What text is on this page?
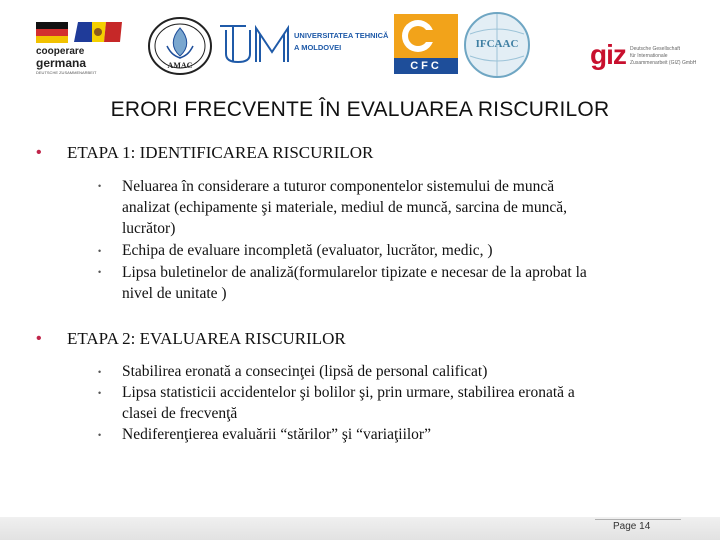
cooperare
germana
DEUTSCHE ZUSAMMENARBEIT
AMAC
UNIVERSITATEA TEHNICĂ
A MOLDOVEI
CFC
IFCAAC	giz Deutsche Gesellschaft
für Internationale
Zusammenarbeit (GIZ) GmbH
ERORI FRECVENTE ÎN EVALUAREA RISCURILOR
• ETAPA 1: IDENTIFICAREA RISCURILOR
• Neluarea în considerare a tuturor componentelor sistemului de muncă
analizat (echipamente şi materiale, mediul de muncă, sarcina de muncă,
lucrător)
• Echipa de evaluare incompletă (evaluator, lucrător, medic, )
• Lipsa buletinelor de analiză(formularelor tipizate e necesar de la aprobat la
nivel de unitate )
• ETAPA 2: EVALUAREA RISCURILOR
• Stabilirea eronată a consecinţei (lipsă de personal calificat)
• Lipsa statisticii accidentelor şi bolilor şi, prin urmare, stabilirea eronată a
clasei de frecvenţă
• Nediferenţierea evaluării “stărilor” şi “variaţiilor”
Page 14
